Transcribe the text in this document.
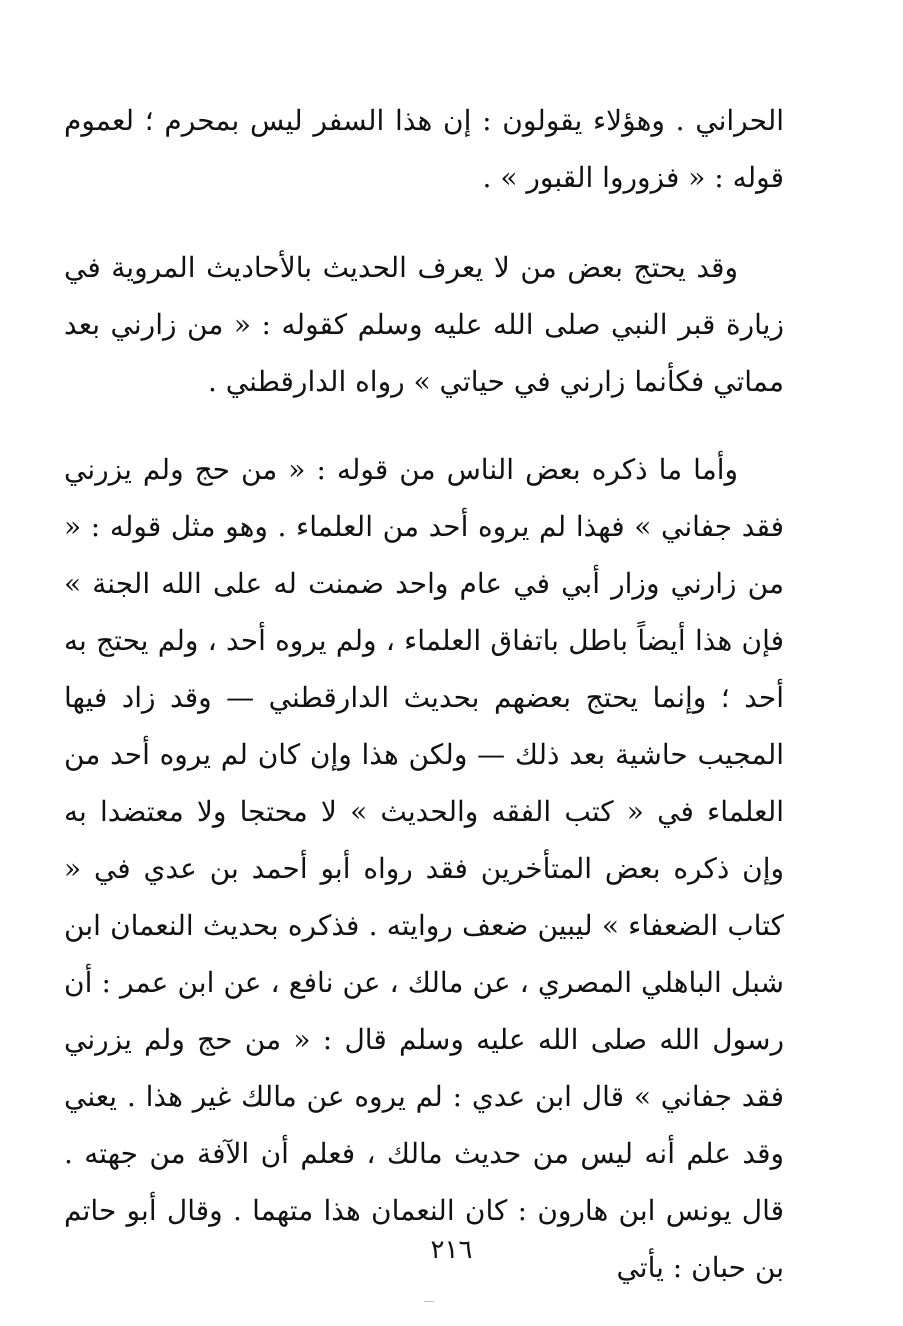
الحراني . وهؤلاء يقولون : إن هذا السفر ليس بمحرم ؛ لعموم قوله : « فزوروا القبور » .

وقد يحتج بعض من لا يعرف الحديث بالأحاديث المروية في زيارة قبر النبي صلى الله عليه وسلم كقوله : « من زارني بعد مماتي فكأنما زارني في حياتي » رواه الدارقطني .

وأما ما ذكره بعض الناس من قوله : « من حج ولم يزرني فقد جفاني » فهذا لم يروه أحد من العلماء . وهو مثل قوله : « من زارني وزار أبي في عام واحد ضمنت له على الله الجنة » فإن هذا أيضاً باطل باتفاق العلماء ، ولم يروه أحد ، ولم يحتج به أحد ؛ وإنما يحتج بعضهم بحديث الدارقطني — وقد زاد فيها المجيب حاشية بعد ذلك — ولكن هذا وإن كان لم يروه أحد من العلماء في « كتب الفقه والحديث » لا محتجا ولا معتضدا به وإن ذكره بعض المتأخرين فقد رواه أبو أحمد بن عدي في « كتاب الضعفاء » ليبين ضعف روايته . فذكره بحديث النعمان ابن شبل الباهلي المصري ، عن مالك ، عن نافع ، عن ابن عمر : أن رسول الله صلى الله عليه وسلم قال : « من حج ولم يزرني فقد جفاني » قال ابن عدي : لم يروه عن مالك غير هذا . يعني وقد علم أنه ليس من حديث مالك ، فعلم أن الآفة من جهته . قال يونس ابن هارون : كان النعمان هذا متهما . وقال أبو حاتم بن حبان : يأتي

٢١٦
